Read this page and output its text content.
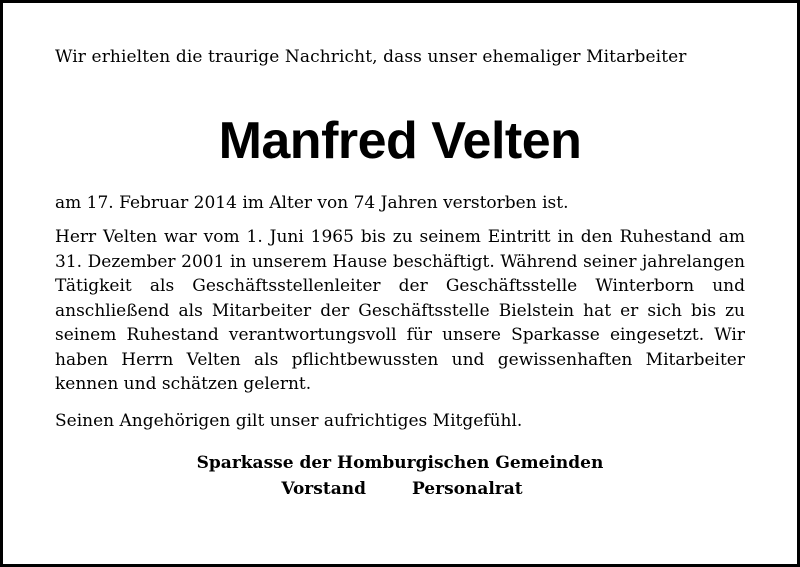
Wir erhielten die traurige Nachricht, dass unser ehemaliger Mitarbeiter

Manfred Velten

am 17. Februar 2014 im Alter von 74 Jahren verstorben ist.

Herr Velten war vom 1. Juni 1965 bis zu seinem Eintritt in den Ruhestand am 31. Dezember 2001 in unserem Hause beschäftigt. Während seiner jahrelangen Tätigkeit als Geschäftsstellenleiter der Geschäftsstelle Winterborn und anschließend als Mitarbeiter der Geschäftsstelle Bielstein hat er sich bis zu seinem Ruhestand verantwortungsvoll für unsere Sparkasse eingesetzt. Wir haben Herrn Velten als pflichtbewussten und gewissenhaften Mitarbeiter kennen und schätzen gelernt.

Seinen Angehörigen gilt unser aufrichtiges Mitgefühl.

Sparkasse der Homburgischen Gemeinden
Vorstand	Personalrat
